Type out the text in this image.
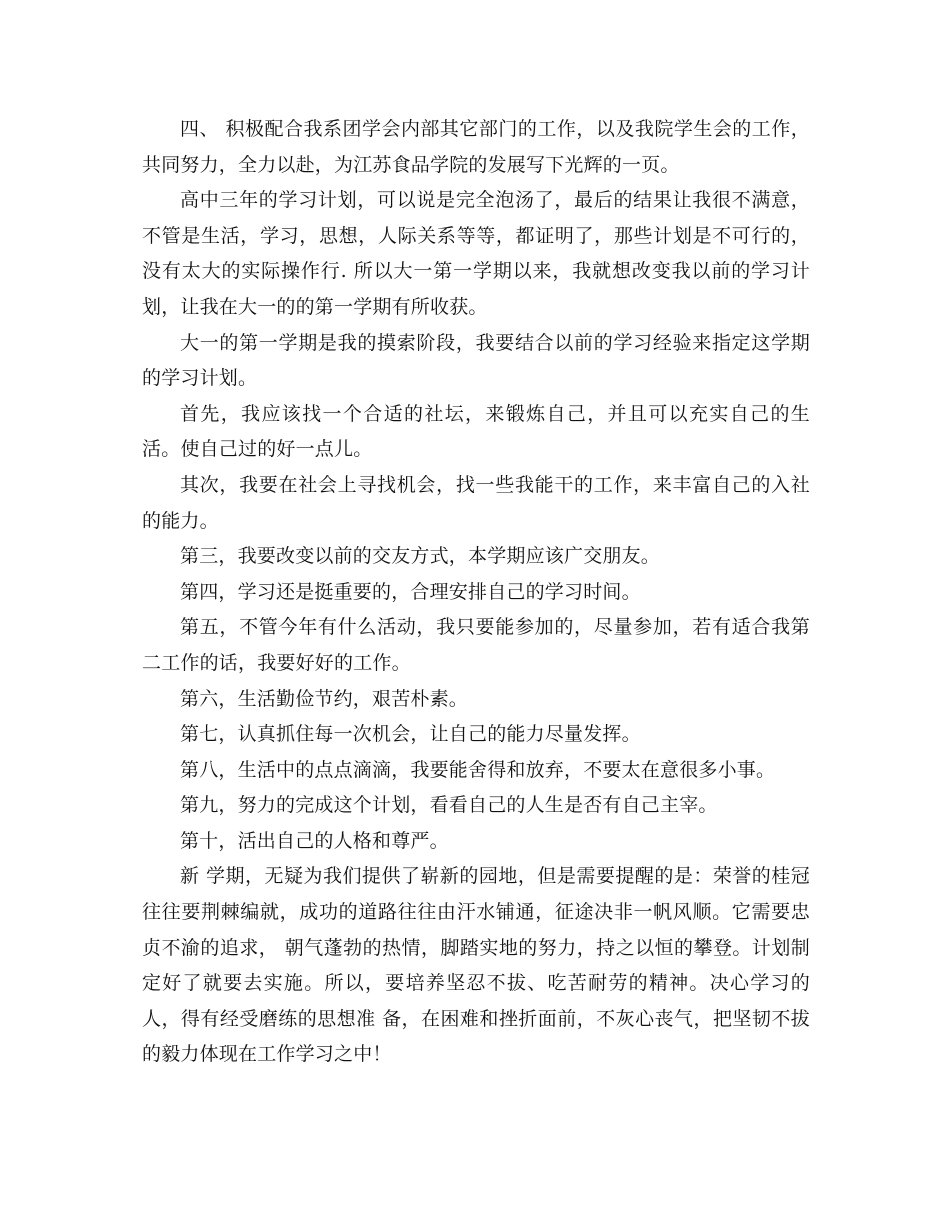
四、 积极配合我系团学会内部其它部门的工作，以及我院学生会的工作，共同努力，全力以赴，为江苏食品学院的发展写下光辉的一页。

高中三年的学习计划，可以说是完全泡汤了，最后的结果让我很不满意，不管是生活，学习，思想，人际关系等等，都证明了，那些计划是不可行的，没有太大的实际操作行. 所以大一第一学期以来，我就想改变我以前的学习计划，让我在大一的的第一学期有所收获。

大一的第一学期是我的摸索阶段，我要结合以前的学习经验来指定这学期的学习计划。

首先，我应该找一个合适的社坛，来锻炼自己，并且可以充实自己的生活。使自己过的好一点儿。

其次，我要在社会上寻找机会，找一些我能干的工作，来丰富自己的入社的能力。

第三，我要改变以前的交友方式，本学期应该广交朋友。

第四，学习还是挺重要的，合理安排自己的学习时间。

第五，不管今年有什么活动，我只要能参加的，尽量参加，若有适合我第二工作的话，我要好好的工作。

第六，生活勤俭节约，艰苦朴素。

第七，认真抓住每一次机会，让自己的能力尽量发挥。

第八，生活中的点点滴滴，我要能舍得和放弃，不要太在意很多小事。

第九，努力的完成这个计划，看看自己的人生是否有自己主宰。

第十，活出自己的人格和尊严。

新 学期，无疑为我们提供了崭新的园地，但是需要提醒的是：荣誉的桂冠往往要荆棘编就，成功的道路往往由汗水铺通，征途决非一帆风顺。它需要忠贞不渝的追求， 朝气蓬勃的热情，脚踏实地的努力，持之以恒的攀登。计划制定好了就要去实施。所以，要培养坚忍不拔、吃苦耐劳的精神。决心学习的人，得有经受磨练的思想准 备，在困难和挫折面前，不灰心丧气，把坚韧不拔的毅力体现在工作学习之中！
